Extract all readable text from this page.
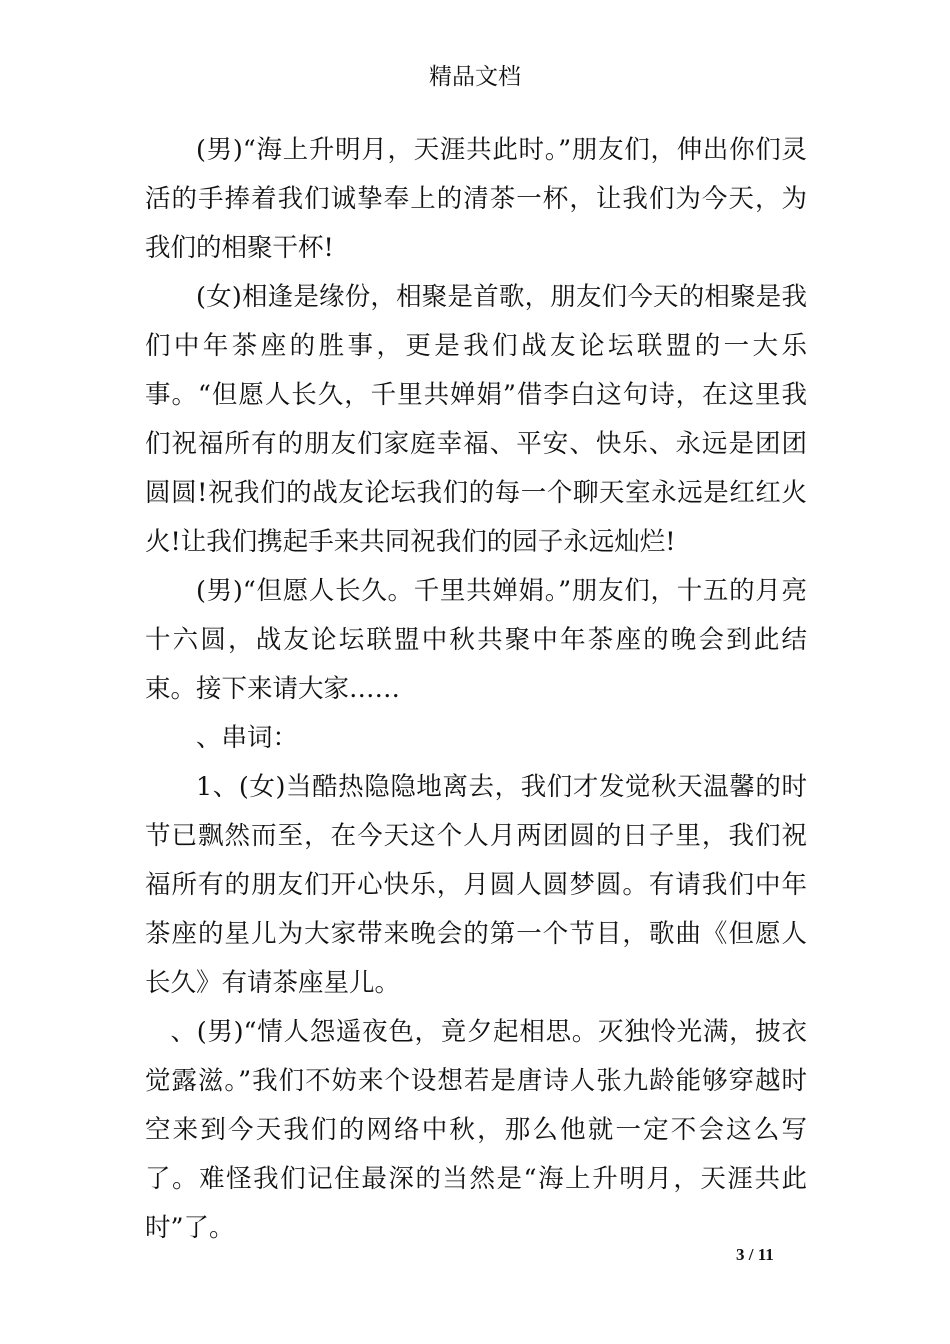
精品文档

(男)“海上升明月，天涯共此时。”朋友们，伸出你们灵活的手捧着我们诚挚奉上的清茶一杯，让我们为今天，为我们的相聚干杯!

(女)相逢是缘份，相聚是首歌，朋友们今天的相聚是我们中年茶座的胜事，更是我们战友论坛联盟的一大乐事。“但愿人长久，千里共婵娟”借李白这句诗，在这里我们祝福所有的朋友们家庭幸福、平安、快乐、永远是团团圆圆!祝我们的战友论坛我们的每一个聊天室永远是红红火火!让我们携起手来共同祝我们的园子永远灿烂!

(男)“但愿人长久。千里共婵娟。”朋友们，十五的月亮十六圆，战友论坛联盟中秋共聚中年茶座的晚会到此结束。接下来请大家……

、串词：

1、(女)当酷热隐隐地离去，我们才发觉秋天温馨的时节已飘然而至，在今天这个人月两团圆的日子里，我们祝福所有的朋友们开心快乐，月圆人圆梦圆。有请我们中年茶座的星儿为大家带来晚会的第一个节目，歌曲《但愿人长久》有请茶座星儿。

、(男)“情人怨遥夜色，竟夕起相思。灭独怜光满，披衣觉露滋。”我们不妨来个设想若是唐诗人张九龄能够穿越时空来到今天我们的网络中秋，那么他就一定不会这么写了。难怪我们记住最深的当然是“海上升明月，天涯共此时”了。

3 / 11
